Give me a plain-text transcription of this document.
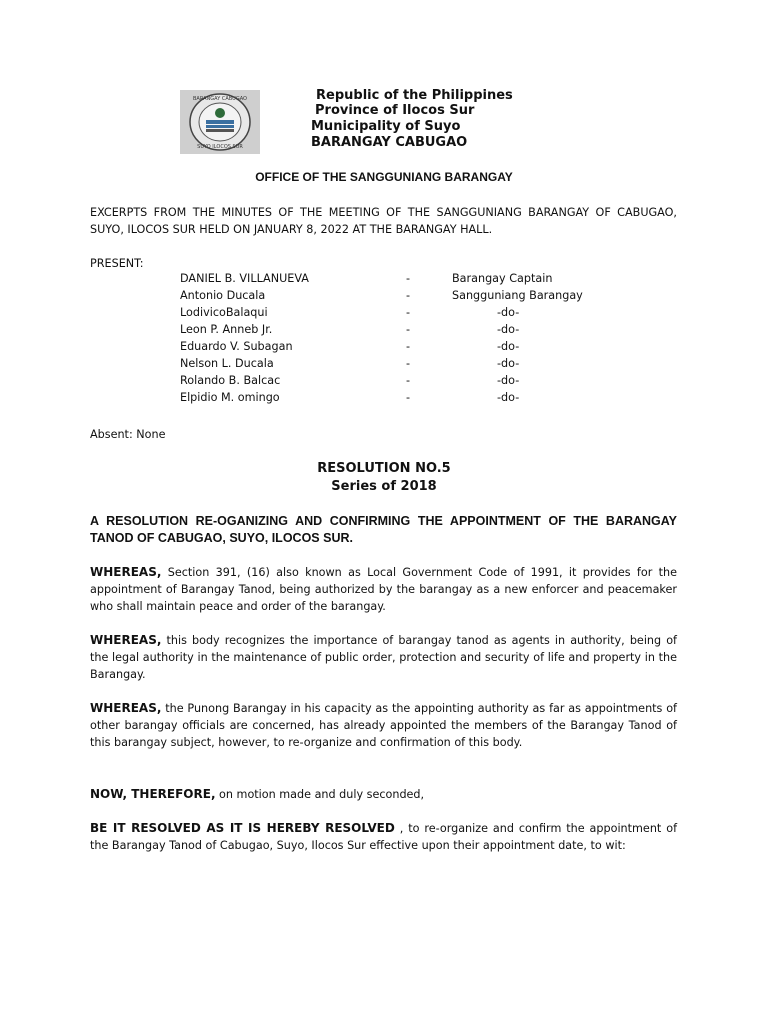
BARANGAY CABUGAO
SUYO ILOCOS SUR
Republic of the Philippines
Province of Ilocos Sur
Municipality of Suyo
BARANGAY CABUGAO
OFFICE OF THE SANGGUNIANG BARANGAY
EXCERPTS FROM THE MINUTES OF THE MEETING OF THE SANGGUNIANG BARANGAY OF CABUGAO, SUYO, ILOCOS SUR HELD ON JANUARY 8, 2022 AT THE BARANGAY HALL.
PRESENT:
DANIEL B. VILLANUEVA	-	Barangay Captain
Antonio Ducala	-	Sangguniang Barangay
LodivicoBalaqui	-	-do-
Leon P. Anneb Jr.	-	-do-
Eduardo V. Subagan	-	-do-
Nelson L. Ducala	-	-do-
Rolando B. Balcac	-	-do-
Elpidio M. omingo	-	-do-
Absent: None
RESOLUTION NO.5
Series of 2018
A RESOLUTION RE-OGANIZING AND CONFIRMING THE APPOINTMENT OF THE BARANGAY TANOD OF CABUGAO, SUYO, ILOCOS SUR.
WHEREAS, Section 391, (16) also known as Local Government Code of 1991, it provides for the appointment of Barangay Tanod, being authorized by the barangay as a new enforcer and peacemaker who shall maintain peace and order of the barangay.
WHEREAS, this body recognizes the importance of barangay tanod as agents in authority, being of the legal authority in the maintenance of public order, protection and security of life and property in the Barangay.
WHEREAS, the Punong Barangay in his capacity as the appointing authority as far as appointments of other barangay officials are concerned, has already appointed the members of the Barangay Tanod of this barangay subject, however, to re-organize and confirmation of this body.
NOW, THEREFORE, on motion made and duly seconded,
BE IT RESOLVED AS IT IS HEREBY RESOLVED , to re-organize and confirm the appointment of the Barangay Tanod of Cabugao, Suyo, Ilocos Sur effective upon their appointment date, to wit:
